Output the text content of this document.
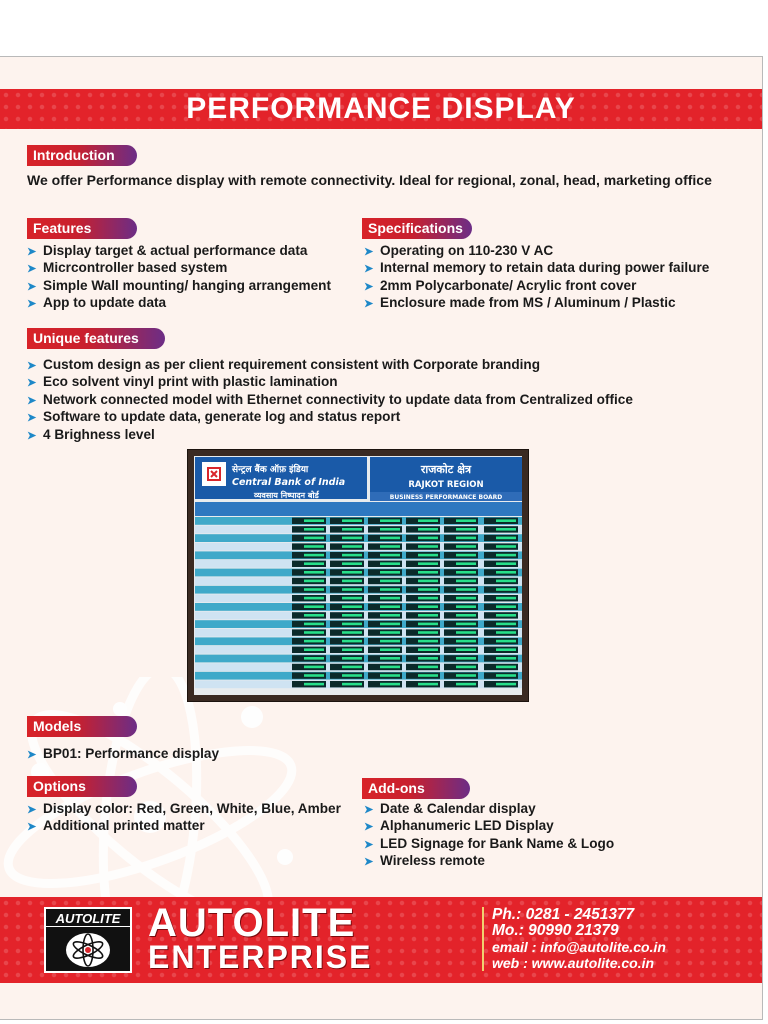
PERFORMANCE DISPLAY
Introduction
We offer Performance display with remote connectivity. Ideal for regional, zonal, head, marketing office
Features
➤ Display target & actual performance data
➤ Micrcontroller based system
➤ Simple Wall mounting/ hanging arrangement
➤ App to update data
Specifications
➤ Operating on 110-230 V AC
➤ Internal memory to retain data during power failure
➤ 2mm Polycarbonate/ Acrylic front cover
➤ Enclosure made from MS / Aluminum / Plastic
Unique features
➤ Custom design as per client requirement consistent with Corporate branding
➤ Eco solvent vinyl print with plastic lamination
➤ Network connected model with Ethernet connectivity to update data from Centralized office
➤ Software to update data, generate log and status report
➤ 4 Brighness level
सेन्ट्रल बैंक ऑफ़ इंडिया
Central Bank of India
व्यवसाय निष्पादन बोर्ड
राजकोट क्षेत्र
RAJKOT REGION
BUSINESS PERFORMANCE BOARD
Models
➤ BP01: Performance display
Options
➤ Display color: Red, Green, White, Blue, Amber
➤ Additional printed matter
Add-ons
➤ Date & Calendar display
➤ Alphanumeric LED Display
➤ LED Signage for Bank Name & Logo
➤ Wireless remote
AUTOLITE AUTOLITE
ENTERPRISE
Ph.: 0281 - 2451377
Mo.: 90990 21379
email : info@autolite.co.in
web : www.autolite.co.in
